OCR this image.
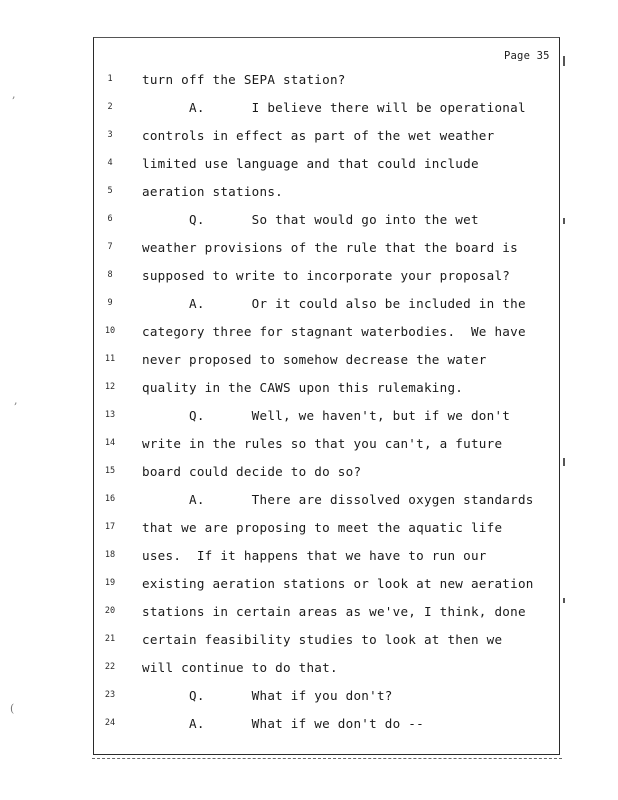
Page 35
,
,
(
1	turn off the SEPA station?
2	A.      I believe there will be operational
3	controls in effect as part of the wet weather
4	limited use language and that could include
5	aeration stations.
6	Q.      So that would go into the wet
7	weather provisions of the rule that the board is
8	supposed to write to incorporate your proposal?
9	A.      Or it could also be included in the
10	category three for stagnant waterbodies.  We have
11	never proposed to somehow decrease the water
12	quality in the CAWS upon this rulemaking.
13	Q.      Well, we haven't, but if we don't
14	write in the rules so that you can't, a future
15	board could decide to do so?
16	A.      There are dissolved oxygen standards
17	that we are proposing to meet the aquatic life
18	uses.  If it happens that we have to run our
19	existing aeration stations or look at new aeration
20	stations in certain areas as we've, I think, done
21	certain feasibility studies to look at then we
22	will continue to do that.
23	Q.      What if you don't?
24	A.      What if we don't do --
